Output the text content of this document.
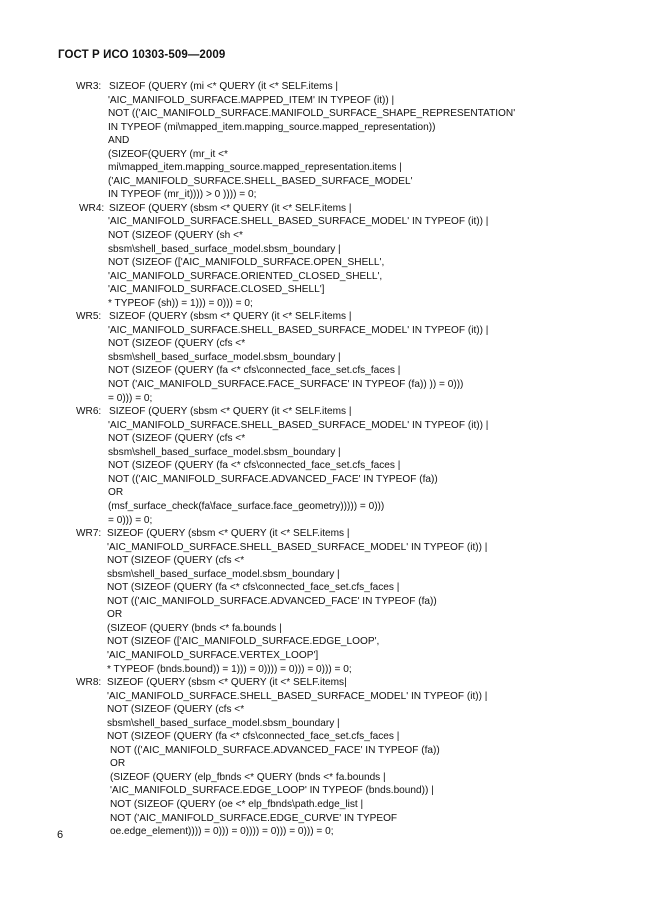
ГОСТ Р ИСО 10303-509—2009

WR3:

SIZEOF (QUERY (mi <* QUERY (it <* SELF.items |

'AIC_MANIFOLD_SURFACE.MAPPED_ITEM' IN TYPEOF (it)) |
NOT (('AIC_MANIFOLD_SURFACE.MANIFOLD_SURFACE_SHAPE_REPRESENTATION'
IN TYPEOF (mi\mapped_item.mapping_source.mapped_representation))
AND
(SIZEOF(QUERY (mr_it <*
mi\mapped_item.mapping_source.mapped_representation.items |
('AIC_MANIFOLD_SURFACE.SHELL_BASED_SURFACE_MODEL'
IN TYPEOF (mr_it)))) > 0 )))) = 0;

WR4:

SIZEOF (QUERY (sbsm <* QUERY (it <* SELF.items |

'AIC_MANIFOLD_SURFACE.SHELL_BASED_SURFACE_MODEL' IN TYPEOF (it)) |
NOT (SIZEOF (QUERY (sh <*
sbsm\shell_based_surface_model.sbsm_boundary |
NOT (SIZEOF (['AIC_MANIFOLD_SURFACE.OPEN_SHELL',
'AIC_MANIFOLD_SURFACE.ORIENTED_CLOSED_SHELL',
'AIC_MANIFOLD_SURFACE.CLOSED_SHELL']
* TYPEOF (sh)) = 1))) = 0))) = 0;

WR5:

SIZEOF (QUERY (sbsm <* QUERY (it <* SELF.items |

'AIC_MANIFOLD_SURFACE.SHELL_BASED_SURFACE_MODEL' IN TYPEOF (it)) |
NOT (SIZEOF (QUERY (cfs <*
sbsm\shell_based_surface_model.sbsm_boundary |
NOT (SIZEOF (QUERY (fa <* cfs\connected_face_set.cfs_faces |
NOT ('AIC_MANIFOLD_SURFACE.FACE_SURFACE' IN TYPEOF (fa)) )) = 0)))
= 0))) = 0;

WR6:

SIZEOF (QUERY (sbsm <* QUERY (it <* SELF.items |

'AIC_MANIFOLD_SURFACE.SHELL_BASED_SURFACE_MODEL' IN TYPEOF (it)) |
NOT (SIZEOF (QUERY (cfs <*
sbsm\shell_based_surface_model.sbsm_boundary |
NOT (SIZEOF (QUERY (fa <* cfs\connected_face_set.cfs_faces |
NOT (('AIC_MANIFOLD_SURFACE.ADVANCED_FACE' IN TYPEOF (fa))
OR
(msf_surface_check(fa\face_surface.face_geometry))))) = 0)))
= 0))) = 0;

WR7:

SIZEOF (QUERY (sbsm <* QUERY (it <* SELF.items |

'AIC_MANIFOLD_SURFACE.SHELL_BASED_SURFACE_MODEL' IN TYPEOF (it)) |
NOT (SIZEOF (QUERY (cfs <*
sbsm\shell_based_surface_model.sbsm_boundary |
NOT (SIZEOF (QUERY (fa <* cfs\connected_face_set.cfs_faces |
NOT (('AIC_MANIFOLD_SURFACE.ADVANCED_FACE' IN TYPEOF (fa))
OR
(SIZEOF (QUERY (bnds <* fa.bounds |
NOT (SIZEOF (['AIC_MANIFOLD_SURFACE.EDGE_LOOP',
'AIC_MANIFOLD_SURFACE.VERTEX_LOOP']
* TYPEOF (bnds.bound)) = 1))) = 0)))) = 0))) = 0))) = 0;

WR8:

SIZEOF (QUERY (sbsm <* QUERY (it <* SELF.items|

'AIC_MANIFOLD_SURFACE.SHELL_BASED_SURFACE_MODEL' IN TYPEOF (it)) |
NOT (SIZEOF (QUERY (cfs <*
sbsm\shell_based_surface_model.sbsm_boundary |
NOT (SIZEOF (QUERY (fa <* cfs\connected_face_set.cfs_faces |
NOT (('AIC_MANIFOLD_SURFACE.ADVANCED_FACE' IN TYPEOF (fa))
OR
(SIZEOF (QUERY (elp_fbnds <* QUERY (bnds <* fa.bounds |
'AIC_MANIFOLD_SURFACE.EDGE_LOOP' IN TYPEOF (bnds.bound)) |
NOT (SIZEOF (QUERY (oe <* elp_fbnds\path.edge_list |
NOT ('AIC_MANIFOLD_SURFACE.EDGE_CURVE' IN TYPEOF
oe.edge_element)))) = 0))) = 0)))) = 0))) = 0))) = 0;
6
